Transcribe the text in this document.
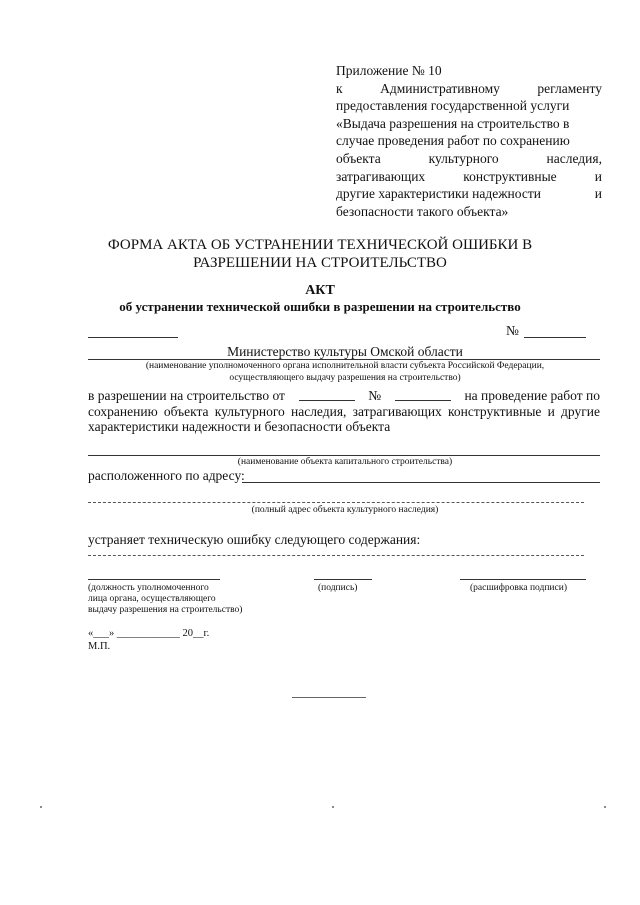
Приложение № 10
к	Административному	регламенту
предоставления государственной услуги
«Выдача разрешения на строительство в
случае проведения работ по сохранению
объекта	культурного	наследия,
затрагивающих	конструктивные	и
другие характеристики надежности	и
безопасности такого объекта»
ФОРМА АКТА ОБ УСТРАНЕНИИ ТЕХНИЧЕСКОЙ ОШИБКИ В
РАЗРЕШЕНИИ НА СТРОИТЕЛЬСТВО
АКТ
об устранении технической ошибки в разрешении на строительство
№
Министерство культуры Омской области
(наименование уполномоченного органа исполнительной власти субъекта Российской Федерации,
осуществляющего выдачу разрешения на строительство)
в разрешении на строительство от	№	на проведение работ по
сохранению объекта культурного наследия, затрагивающих конструктивные и другие
характеристики надежности и безопасности объекта
(наименование объекта капитального строительства)
расположенного по адресу:
(полный адрес объекта культурного наследия)
устраняет техническую ошибку следующего содержания:
(должность уполномоченного
лица органа, осуществляющего
выдачу разрешения на строительство)
(подпись)	(расшифровка подписи)
«___» ____________ 20__г.
М.П.
